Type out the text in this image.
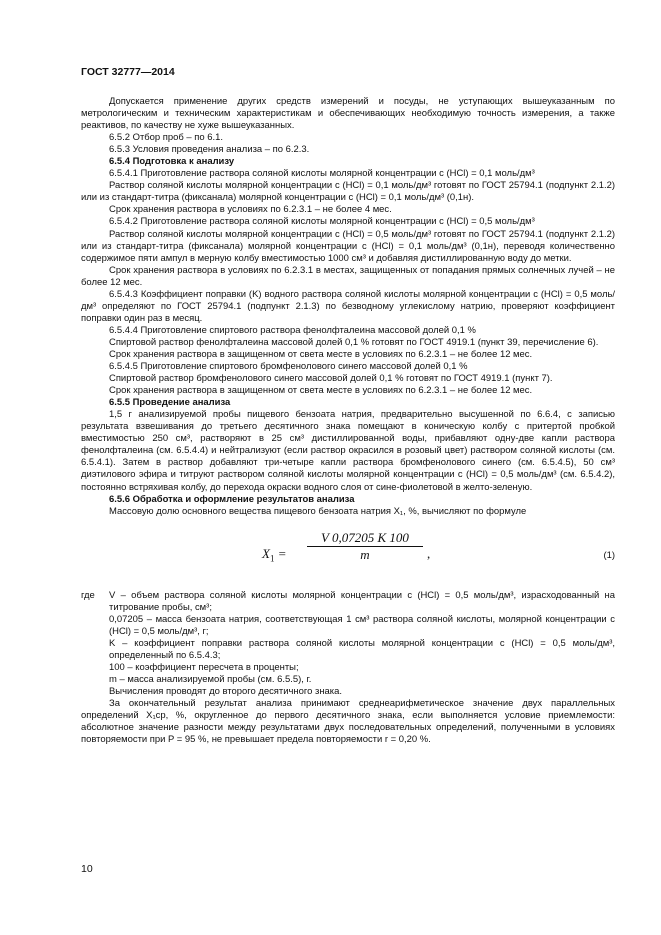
ГОСТ 32777—2014

Допускается применение других средств измерений и посуды, не уступающих вышеуказанным по метрологическим и техническим характеристикам и обеспечивающих необходимую точность измерения, а также реактивов, по качеству не хуже вышеуказанных.

6.5.2 Отбор проб – по 6.1.

6.5.3 Условия проведения анализа – по 6.2.3.

6.5.4 Подготовка к анализу

6.5.4.1 Приготовление раствора соляной кислоты молярной концентрации c (HCl) = 0,1 моль/дм³

Раствор соляной кислоты молярной концентрации c (HCl) = 0,1 моль/дм³ готовят по ГОСТ 25794.1 (подпункт 2.1.2) или из стандарт-титра (фиксанала) молярной концентрации c (HCl) = 0,1 моль/дм³ (0,1н).

Срок хранения раствора в условиях по 6.2.3.1 – не более 4 мес.

6.5.4.2 Приготовление раствора соляной кислоты молярной концентрации c (HCl) = 0,5 моль/дм³

Раствор соляной кислоты молярной концентрации c (HCl) = 0,5 моль/дм³ готовят по ГОСТ 25794.1 (подпункт 2.1.2) или из стандарт-титра (фиксанала) молярной концентрации c (HCl) = 0,1 моль/дм³ (0,1н), переводя количественно содержимое пяти ампул в мерную колбу вместимостью 1000 см³ и добавляя дистиллированную воду до метки.

Срок хранения раствора в условиях по 6.2.3.1 в местах, защищенных от попадания прямых солнечных лучей – не более 12 мес.

6.5.4.3 Коэффициент поправки (K) водного раствора соляной кислоты молярной концентрации c (HCl) = 0,5 моль/дм³ определяют по ГОСТ 25794.1 (подпункт 2.1.3) по безводному углекислому натрию, проверяют коэффициент поправки один раз в месяц.

6.5.4.4 Приготовление спиртового раствора фенолфталеина массовой долей 0,1 %

Спиртовой раствор фенолфталеина массовой долей 0,1 % готовят по ГОСТ 4919.1 (пункт 39, перечисление 6).

Срок хранения раствора в защищенном от света месте в условиях по 6.2.3.1 – не более 12 мес.

6.5.4.5 Приготовление спиртового бромфенолового синего массовой долей 0,1 %

Спиртовой раствор бромфенолового синего массовой долей 0,1 % готовят по ГОСТ 4919.1 (пункт 7).

Срок хранения раствора в защищенном от света месте в условиях по 6.2.3.1 – не более 12 мес.

6.5.5 Проведение анализа

1,5 г анализируемой пробы пищевого бензоата натрия, предварительно высушенной по 6.6.4, с записью результата взвешивания до третьего десятичного знака помещают в коническую колбу с притертой пробкой вместимостью 250 см³, растворяют в 25 см³ дистиллированной воды, прибавляют одну-две капли раствора фенолфталеина (см. 6.5.4.4) и нейтрализуют (если раствор окрасился в розовый цвет) раствором соляной кислоты (см. 6.5.4.1). Затем в раствор добавляют три-четыре капли раствора бромфенолового синего (см. 6.5.4.5), 50 см³ диэтилового эфира и титруют раствором соляной кислоты молярной концентрации c (HCl) = 0,5 моль/дм³ (см. 6.5.4.2), постоянно встряхивая колбу, до перехода окраски водного слоя от сине-фиолетовой в желто-зеленую.

6.5.6 Обработка и оформление результатов анализа

Массовую долю основного вещества пищевого бензоата натрия X₁, %, вычисляют по формуле

$X_1$ =
V 0,07205 K 100
m	,	(1)
где V – объем раствора соляной кислоты молярной концентрации c (HCl) = 0,5 моль/дм³, израсходованный на титрование пробы, см³;

0,07205 – масса бензоата натрия, соответствующая 1 см³ раствора соляной кислоты, молярной концентрации c (HCl) = 0,5 моль/дм³, г;

K – коэффициент поправки раствора соляной кислоты молярной концентрации c (HCl) = 0,5 моль/дм³, определенный по 6.5.4.3;

100 – коэффициент пересчета в проценты;

m – масса анализируемой пробы (см. 6.5.5), г.

Вычисления проводят до второго десятичного знака.

За окончательный результат анализа принимают среднеарифметическое значение двух параллельных определений X₁ср, %, округленное до первого десятичного знака, если выполняется условие приемлемости: абсолютное значение разности между результатами двух последовательных определений, полученными в условиях повторяемости при P = 95 %, не превышает предела повторяемости r = 0,20 %.

10
